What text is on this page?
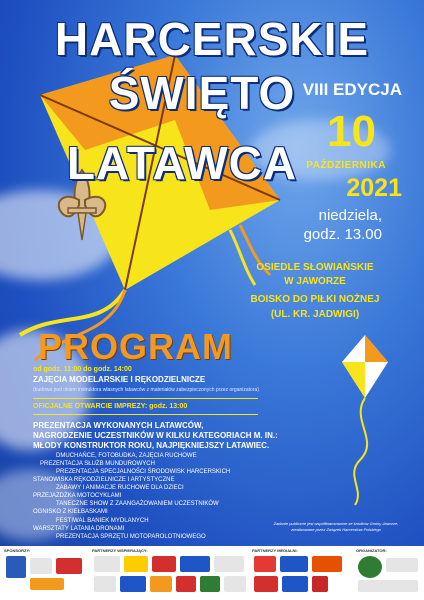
HARCERSKIE
ŚWIĘTO
LATAWCA
VIII EDYCJA
10
PAŹDZIERNIKA
2021
niedziela,
godz. 13.00
OSIEDLE SŁOWIAŃSKIE
W JAWORZE
BOISKO DO PIŁKI NOŻNEJ
(UL. KR. JADWIGI)
PROGRAM
od godz. 11:00 do godz. 14:00
ZAJĘCIA MODELARSKIE I RĘKODZIELNICZE
(budowa pod okiem instruktora własnych latawców z materiałów zabezpieczonych przez organizatora)
OFICJALNE OTWARCIE IMPREZY: godz. 13:00
PREZENTACJA WYKONANYCH LATAWCÓW,
NAGRODZENIE UCZESTNIKÓW W KILKU KATEGORIACH M. IN.:
MŁODY KONSTRUKTOR ROKU, NAJPIĘKNIEJSZY LATAWIEC.
DMUCHAŃCE, FOTOBUDKA, ZAJĘCIA RUCHOWE
PREZENTACJA SŁUŻB MUNDUROWYCH
PREZENTACJA SPECJALNOŚCI ŚRODOWISK HARCERSKICH
STANOWISKA RĘKODZIELNICZE I ARTYSTYCZNE
ZABAWY I ANIMACJE RUCHOWE DLA DZIECI
PRZEJAŻDŻKA MOTOCYKLAMI
TANECZNE SHOW Z ZAANGAŻOWANIEM UCZESTNIKÓW
OGNISKO Z KIEŁBASKAMI
FESTIWAL BANIEK MYDLANYCH
WARSZTATY LATANIA DRONAMI
PREZENTACJA SPRZĘTU MOTOPAROLOTNIOWEGO
Zadanie publiczne jest współfinansowane ze środków Gminy Jaworze, zrealizowane przez Związek Harcerstwa Polskiego
SPONSORZY:	PARTNERZY WSPIERAJĄCY:	PARTNERZY MEDIALNI:	ORGANIZATOR:
